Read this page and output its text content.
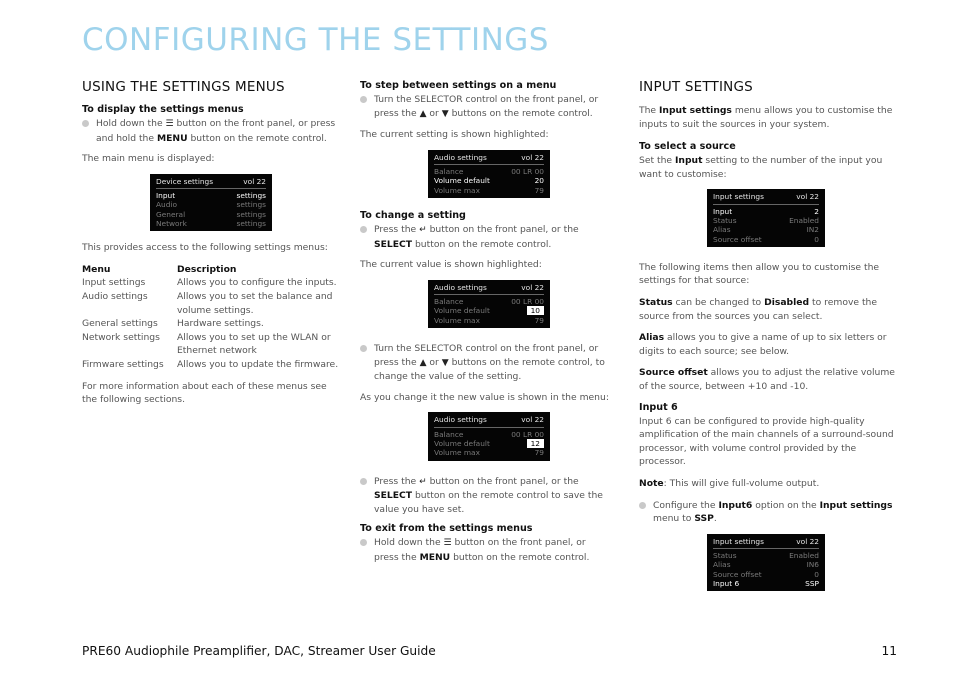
CONFIGURING THE SETTINGS
USING THE SETTINGS MENUS
To display the settings menus
Hold down the ☰ button on the front panel, or press and hold the MENU button on the remote control.

The main menu is displayed:

Device settings	vol 22
Input	settings
Audio	settings
General	settings
Network	settings

This provides access to the following settings menus:

Menu	Description
Input settings	Allows you to configure the inputs.
Audio settings	Allows you to set the balance and volume settings.
General settings	Hardware settings.
Network settings	Allows you to set up the WLAN or Ethernet network
Firmware settings	Allows you to update the firmware.

For more information about each of these menus see the following sections.

To step between settings on a menu
Turn the SELECTOR control on the front panel, or press the ▲ or ▼ buttons on the remote control.

The current setting is shown highlighted:

Audio settings	vol 22
Balance	00 LR 00
Volume default	20
Volume max	79
To change a setting
Press the ↵ button on the front panel, or the SELECT button on the remote control.

The current value is shown highlighted:

Audio settings	vol 22
Balance	00 LR 00
Volume default	10
Volume max	79
Turn the SELECTOR control on the front panel, or press the ▲ or ▼ buttons on the remote control, to change the value of the setting.

As you change it the new value is shown in the menu:

Audio settings	vol 22
Balance	00 LR 00
Volume default	12
Volume max	79
Press the ↵ button on the front panel, or the SELECT button on the remote control to save the value you have set.
To exit from the settings menus
Hold down the ☰ button on the front panel, or press the MENU button on the remote control.
INPUT SETTINGS

The Input settings menu allows you to customise the inputs to suit the sources in your system.

To select a source

Set the Input setting to the number of the input you want to customise:

Input settings	vol 22
Input	2
Status	Enabled
Alias	IN2
Source offset	0

The following items then allow you to customise the settings for that source:

Status can be changed to Disabled to remove the source from the sources you can select.

Alias allows you to give a name of up to six letters or digits to each source; see below.

Source offset allows you to adjust the relative volume of the source, between +10 and -10.

Input 6

Input 6 can be configured to provide high-quality amplification of the main channels of a surround-sound processor, with volume control provided by the processor.

Note: This will give full-volume output.

Configure the Input6 option on the Input settings menu to SSP.
Input settings	vol 22
Status	Enabled
Alias	IN6
Source offset	0
Input 6	SSP
PRE60 Audiophile Preamplifier, DAC, Streamer User Guide	11
